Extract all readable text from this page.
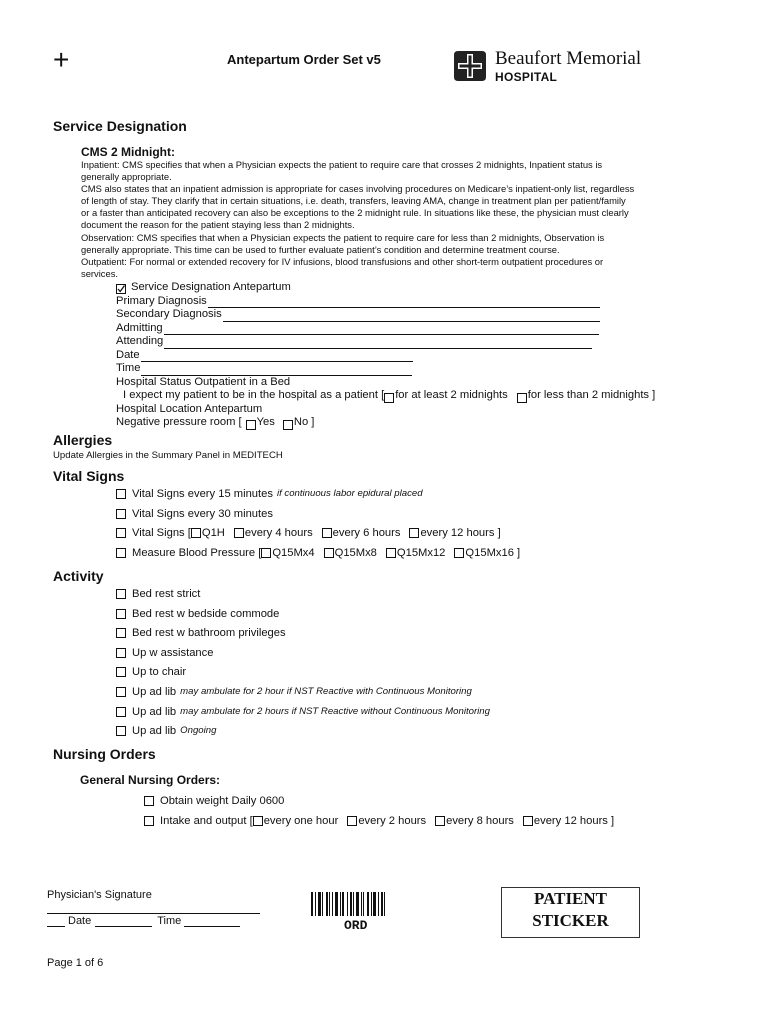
+	Antepartum Order Set v5	Beaufort Memorial
HOSPITAL
Service Designation
CMS 2 Midnight:
Inpatient: CMS specifies that when a Physician expects the patient to require care that crosses 2 midnights, Inpatient status is
generally appropriate.
CMS also states that an inpatient admission is appropriate for cases involving procedures on Medicare’s inpatient-only list, regardless
of length of stay. They clarify that in certain situations, i.e. death, transfers, leaving AMA, change in treatment plan per patient/family
or a faster than anticipated recovery can also be exceptions to the 2 midnight rule. In situations like these, the physician must clearly
document the reason for the patient staying less than 2 midnights.
Observation: CMS specifies that when a Physician expects the patient to require care for less than 2 midnights, Observation is
generally appropriate. This time can be used to further evaluate patient’s condition and determine treatment course.
Outpatient: For normal or extended recovery for IV infusions, blood transfusions and other short-term outpatient procedures or
services.
Service Designation Antepartum
Primary Diagnosis
Secondary Diagnosis
Admitting
Attending
Date
Time
Hospital Status Outpatient in a Bed
I expect my patient to be in the hospital as a patient [ for at least 2 midnights for less than 2 midnights ]
Hospital Location Antepartum
Negative pressure room [ Yes No ]
Allergies
Update Allergies in the Summary Panel in MEDITECH
Vital Signs
Vital Signs every 15 minutes if continuous labor epidural placed
Vital Signs every 30 minutes
Vital Signs [ Q1H every 4 hours every 6 hours every 12 hours ]
Measure Blood Pressure [ Q15Mx4 Q15Mx8 Q15Mx12 Q15Mx16 ]
Activity
Bed rest strict
Bed rest w bedside commode
Bed rest w bathroom privileges
Up w assistance
Up to chair
Up ad lib may ambulate for 2 hour if NST Reactive with Continuous Monitoring
Up ad lib may ambulate for 2 hours if NST Reactive without Continuous Monitoring
Up ad lib Ongoing
Nursing Orders
General Nursing Orders:
Obtain weight Daily 0600
Intake and output [ every one hour every 2 hours every 8 hours every 12 hours ]
Physician's Signature
Date	Time	ORD
PATIENT
STICKER
Page 1 of 6
